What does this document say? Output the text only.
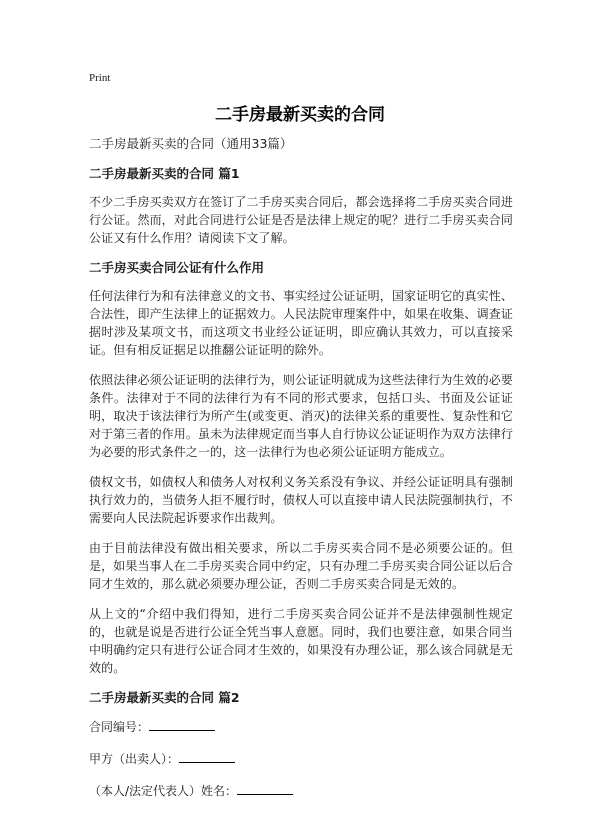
Print
二手房最新买卖的合同
二手房最新买卖的合同（通用33篇）
二手房最新买卖的合同 篇1
不少二手房买卖双方在签订了二手房买卖合同后，都会选择将二手房买卖合同进行公证。然而，对此合同进行公证是否是法律上规定的呢？进行二手房买卖合同公证又有什么作用？请阅读下文了解。
二手房买卖合同公证有什么作用
任何法律行为和有法律意义的文书、事实经过公证证明，国家证明它的真实性、合法性，即产生法律上的证据效力。人民法院审理案件中，如果在收集、调查证据时涉及某项文书，而这项文书业经公证证明，即应确认其效力，可以直接采证。但有相反证据足以推翻公证证明的除外。
依照法律必须公证证明的法律行为，则公证证明就成为这些法律行为生效的必要条件。法律对于不同的法律行为有不同的形式要求，包括口头、书面及公证证明，取决于该法律行为所产生(或变更、消灭)的法律关系的重要性、复杂性和它对于第三者的作用。虽未为法律规定而当事人自行协议公证证明作为双方法律行为必要的形式条件之一的，这一法律行为也必须公证证明方能成立。
债权文书，如债权人和债务人对权利义务关系没有争议、并经公证证明具有强制执行效力的，当债务人拒不履行时，债权人可以直接申请人民法院强制执行，不需要向人民法院起诉要求作出裁判。
由于目前法律没有做出相关要求，所以二手房买卖合同不是必须要公证的。但是，如果当事人在二手房买卖合同中约定，只有办理二手房买卖合同公证以后合同才生效的，那么就必须要办理公证，否则二手房买卖合同是无效的。
从上文的“介绍中我们得知，进行二手房买卖合同公证并不是法律强制性规定的，也就是说是否进行公证全凭当事人意愿。同时，我们也要注意，如果合同当中明确约定只有进行公证合同才生效的，如果没有办理公证，那么该合同就是无效的。
二手房最新买卖的合同 篇2
合同编号：
甲方（出卖人）：
（本人/法定代表人）姓名：
